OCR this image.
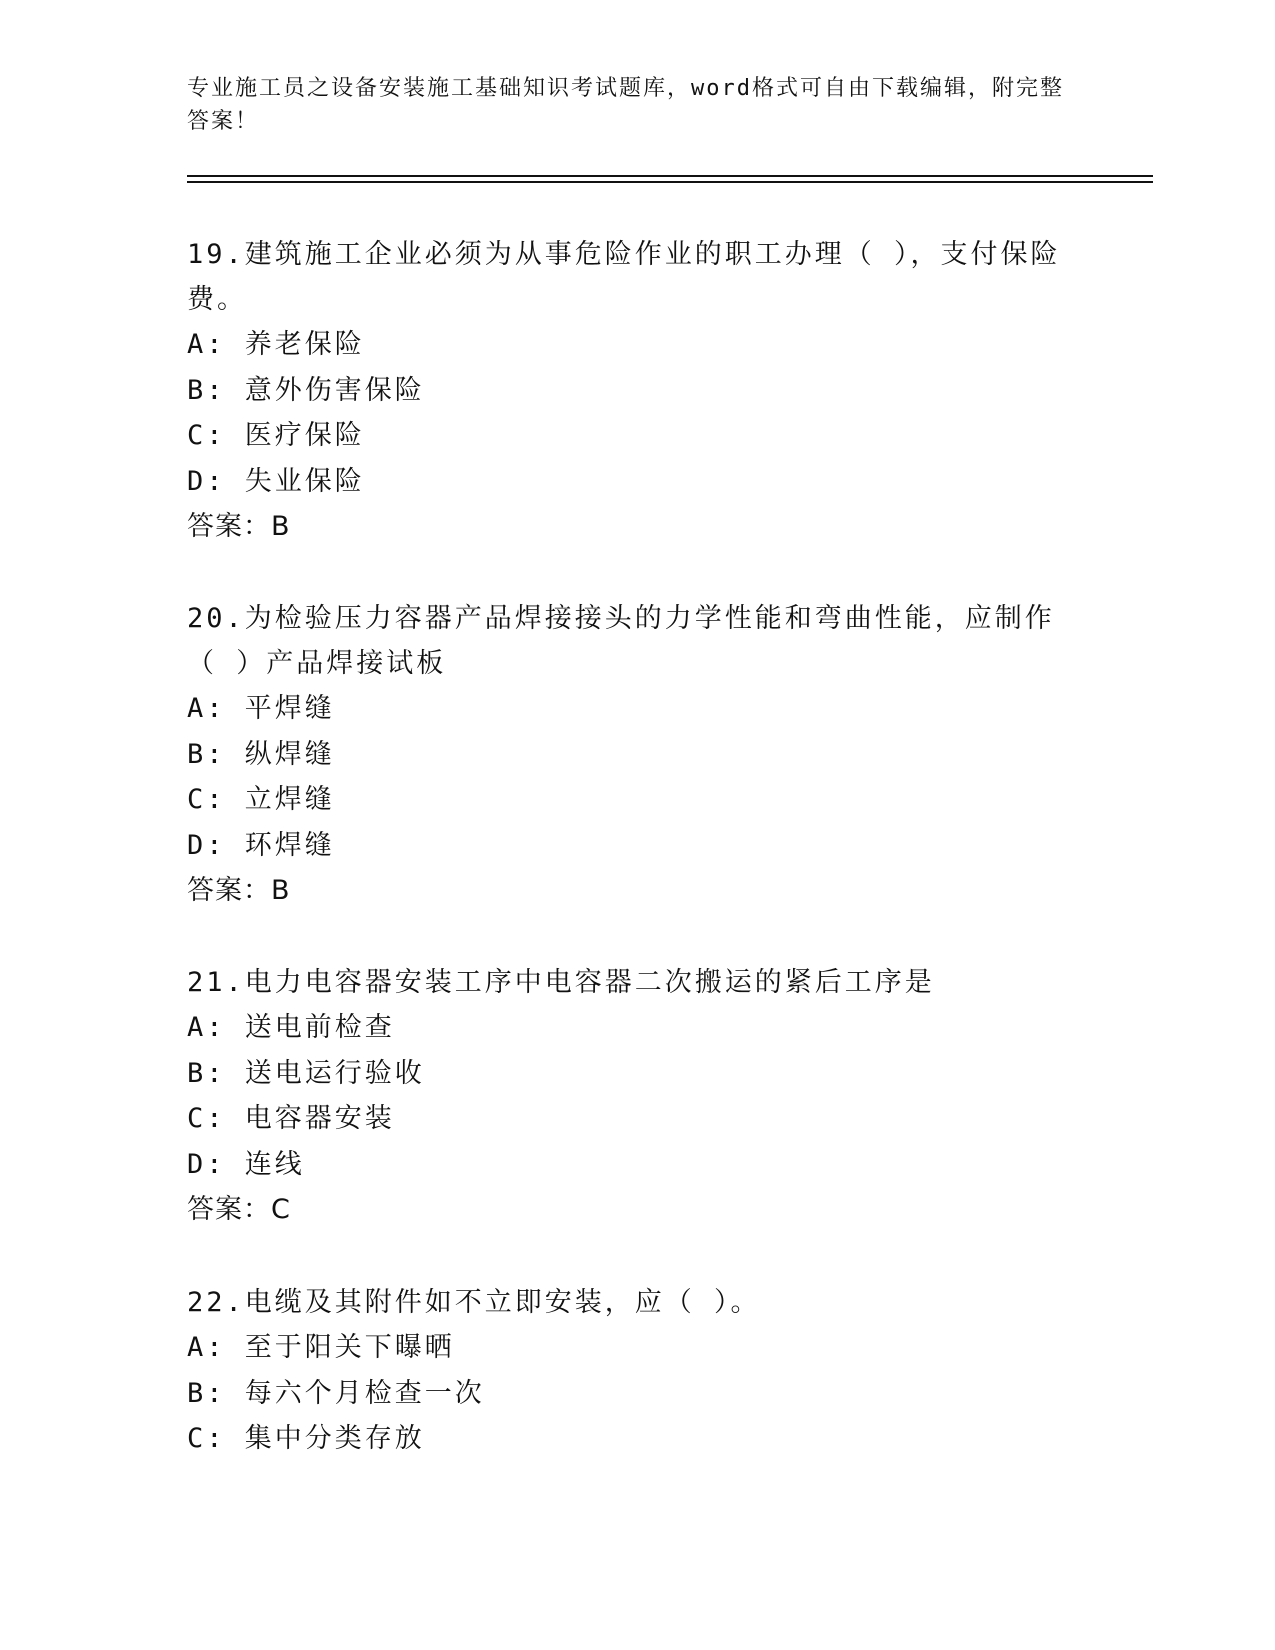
专业施工员之设备安装施工基础知识考试题库，word格式可自由下载编辑，附完整答案！

19.建筑施工企业必须为从事危险作业的职工办理（ ），支付保险费。

A: 养老保险

B: 意外伤害保险

C: 医疗保险

D: 失业保险

答案：B

20.为检验压力容器产品焊接接头的力学性能和弯曲性能，应制作（ ）产品焊接试板

A: 平焊缝

B: 纵焊缝

C: 立焊缝

D: 环焊缝

答案：B

21.电力电容器安装工序中电容器二次搬运的紧后工序是

A: 送电前检查

B: 送电运行验收

C: 电容器安装

D: 连线

答案：C

22.电缆及其附件如不立即安装，应（ ）。

A: 至于阳关下曝晒

B: 每六个月检查一次

C: 集中分类存放
